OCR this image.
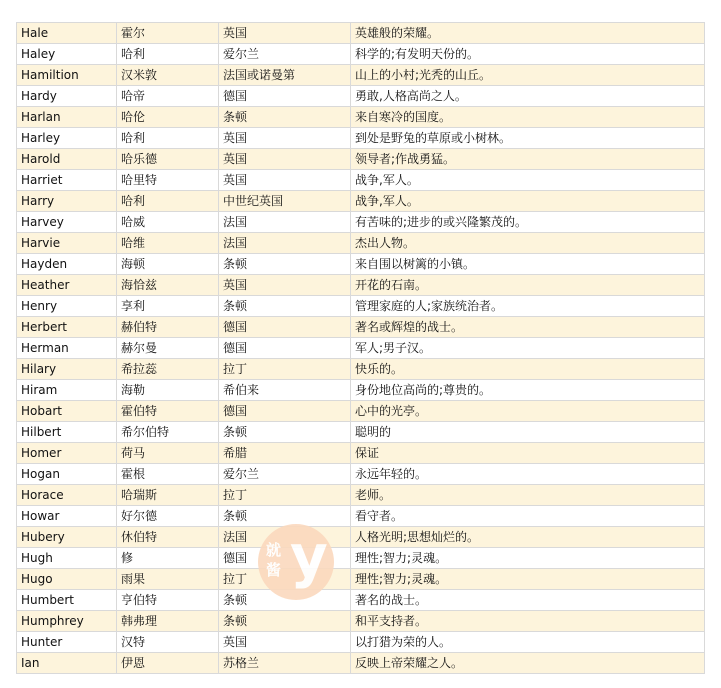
Hale	霍尔	英国	英雄般的荣耀。
Haley	哈利	爱尔兰	科学的;有发明天份的。
Hamiltion	汉米敦	法国或诺曼第	山上的小村;光秃的山丘。
Hardy	哈帝	德国	勇敢,人格高尚之人。
Harlan	哈伦	条顿	来自寒冷的国度。
Harley	哈利	英国	到处是野兔的草原或小树林。
Harold	哈乐德	英国	领导者;作战勇猛。
Harriet	哈里特	英国	战争,军人。
Harry	哈利	中世纪英国	战争,军人。
Harvey	哈威	法国	有苦味的;进步的或兴隆繁茂的。
Harvie	哈维	法国	杰出人物。
Hayden	海顿	条顿	来自围以树篱的小镇。
Heather	海恰兹	英国	开花的石南。
Henry	享利	条顿	管理家庭的人;家族统治者。
Herbert	赫伯特	德国	著名或辉煌的战士。
Herman	赫尔曼	德国	军人;男子汉。
Hilary	希拉蕊	拉丁	快乐的。
Hiram	海勒	希伯来	身份地位高尚的;尊贵的。
Hobart	霍伯特	德国	心中的光亭。
Hilbert	希尔伯特	条顿	聪明的
Homer	荷马	希腊	保证
Hogan	霍根	爱尔兰	永远年轻的。
Horace	哈瑞斯	拉丁	老师。
Howar	好尔德	条顿	看守者。
Hubery	休伯特	法国	人格光明;思想灿烂的。
Hugh	修	德国	理性;智力;灵魂。
Hugo	雨果	拉丁	理性;智力;灵魂。
Humbert	亨伯特	条顿	著名的战士。
Humphrey	韩弗理	条顿	和平支持者。
Hunter	汉特	英国	以打猎为荣的人。
Ian	伊恩	苏格兰	反映上帝荣耀之人。
就酱 y
